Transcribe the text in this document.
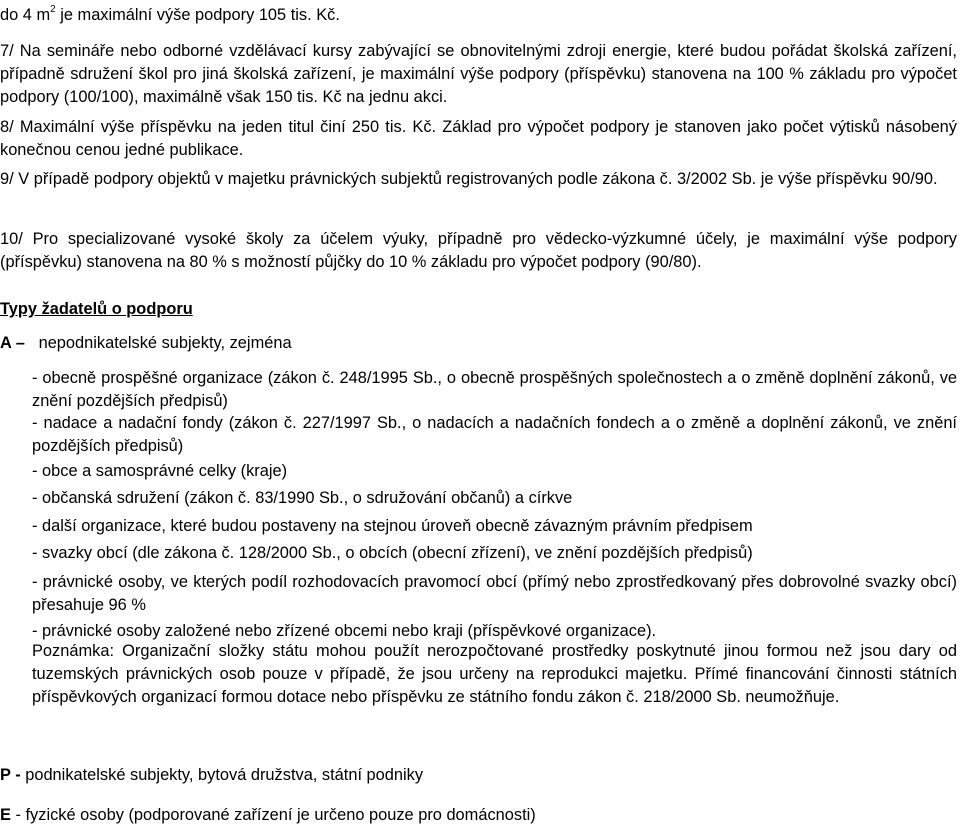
do 4 $m^2$ je maximální výše podpory 105 tis. Kč.

7/ Na semináře nebo odborné vzdělávací kursy zabývající se obnovitelnými zdroji energie, které budou pořádat školská zařízení, případně sdružení škol pro jiná školská zařízení, je maximální výše podpory (příspěvku) stanovena na 100 % základu pro výpočet podpory (100/100), maximálně však 150 tis. Kč na jednu akci.

8/ Maximální výše příspěvku na jeden titul činí 250 tis. Kč. Základ pro výpočet podpory je stanoven jako počet výtisků násobený konečnou cenou jedné publikace.

9/ V případě podpory objektů v majetku právnických subjektů registrovaných podle zákona č. 3/2002 Sb. je výše příspěvku 90/90.

10/ Pro specializované vysoké školy za účelem výuky, případně pro vědecko-výzkumné účely, je maximální výše podpory (příspěvku) stanovena na 80 % s možností půjčky do 10 % základu pro výpočet podpory (90/80).

Typy žadatelů o podporu

A – nepodnikatelské subjekty, zejména

- obecně prospěšné organizace (zákon č. 248/1995 Sb., o obecně prospěšných společnostech a o změně doplnění zákonů, ve znění pozdějších předpisů)

- nadace a nadační fondy (zákon č. 227/1997 Sb., o nadacích a nadačních fondech a o změně a doplnění zákonů, ve znění pozdějších předpisů)

- obce a samosprávné celky (kraje)

- občanská sdružení (zákon č. 83/1990 Sb., o sdružování občanů) a církve

- další organizace, které budou postaveny na stejnou úroveň obecně závazným právním předpisem

- svazky obcí (dle zákona č. 128/2000 Sb., o obcích (obecní zřízení), ve znění pozdějších předpisů)

- právnické osoby, ve kterých podíl rozhodovacích pravomocí obcí (přímý nebo zprostředkovaný přes dobrovolné svazky obcí) přesahuje 96 %

- právnické osoby založené nebo zřízené obcemi nebo kraji (příspěvkové organizace).

Poznámka: Organizační složky státu mohou použít nerozpočtované prostředky poskytnuté jinou formou než jsou dary od tuzemských právnických osob pouze v případě, že jsou určeny na reprodukci majetku. Přímé financování činnosti státních příspěvkových organizací formou dotace nebo příspěvku ze státního fondu zákon č. 218/2000 Sb. neumožňuje.

P - podnikatelské subjekty, bytová družstva, státní podniky

E - fyzické osoby (podporované zařízení je určeno pouze pro domácnosti)
